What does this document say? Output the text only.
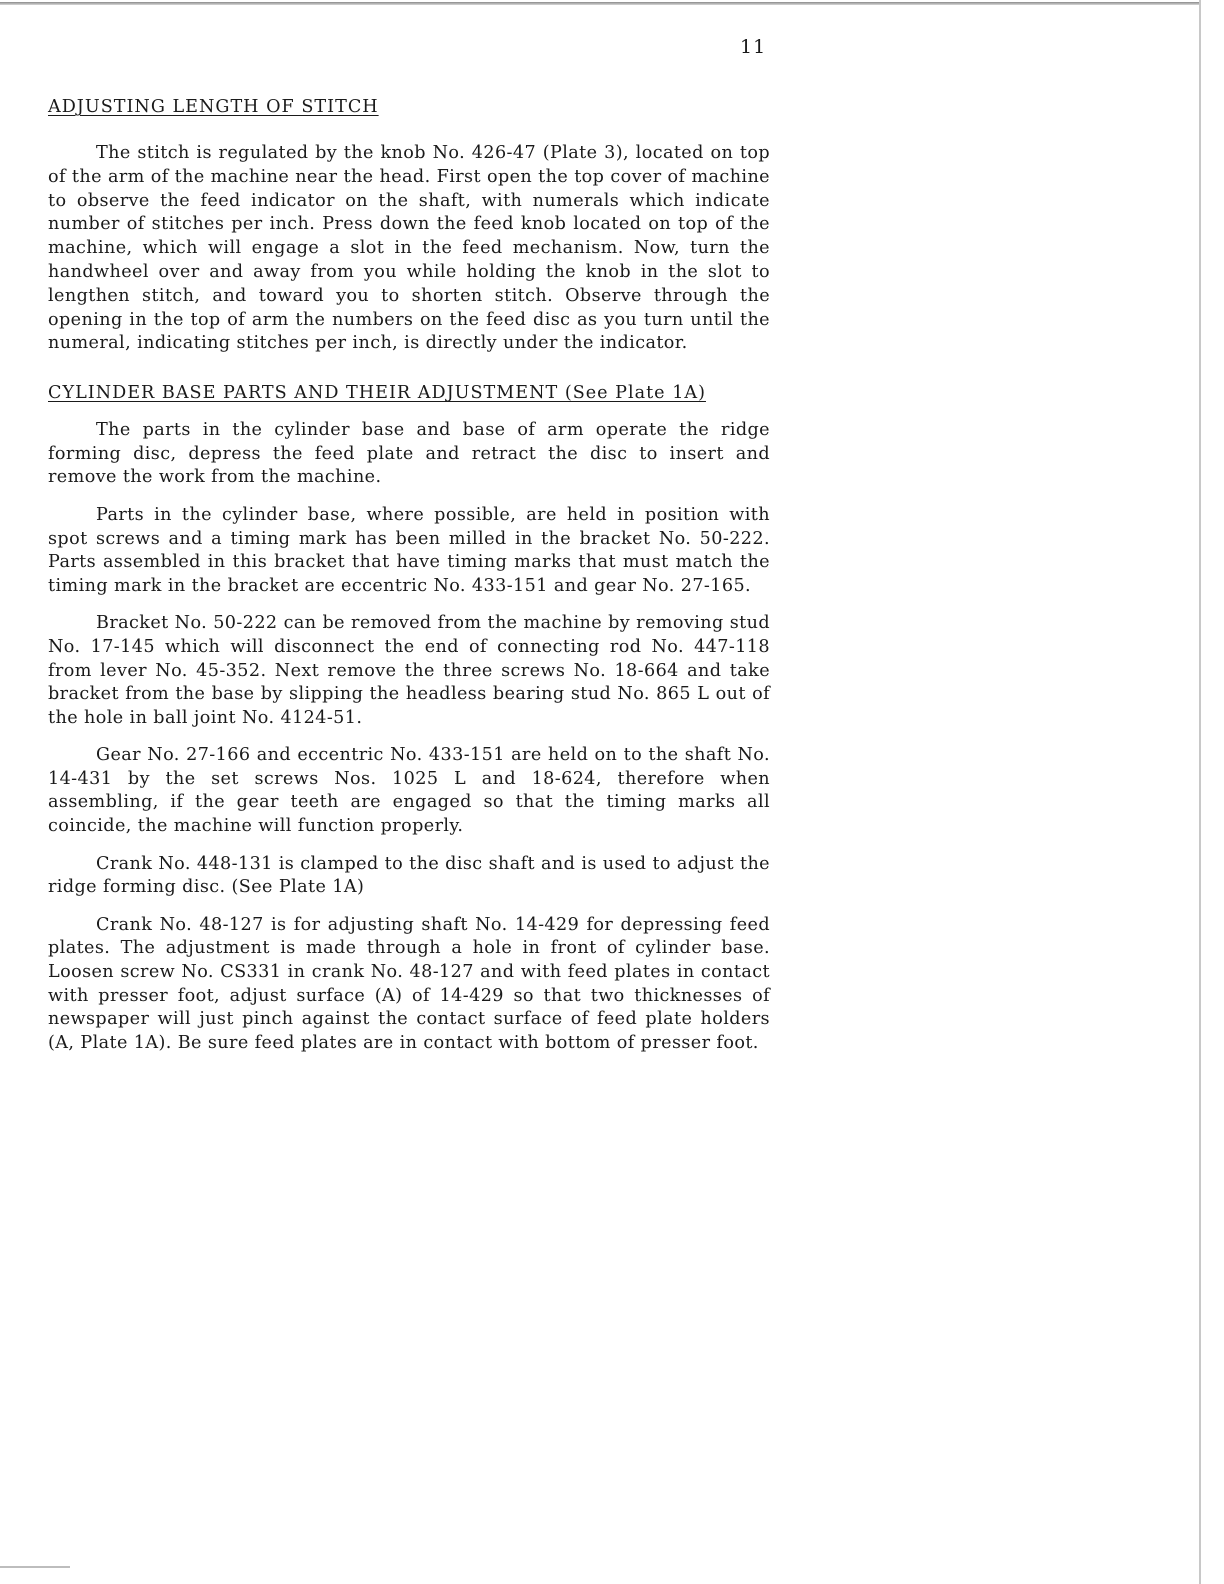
11
ADJUSTING LENGTH OF STITCH

The stitch is regulated by the knob No. 426-47 (Plate 3), located on top of the arm of the machine near the head. First open the top cover of machine to observe the feed indicator on the shaft, with numerals which indicate number of stitches per inch. Press down the feed knob located on top of the machine, which will engage a slot in the feed mechanism. Now, turn the handwheel over and away from you while holding the knob in the slot to lengthen stitch, and toward you to shorten stitch. Observe through the opening in the top of arm the numbers on the feed disc as you turn until the numeral, indicating stitches per inch, is directly under the indicator.

CYLINDER BASE PARTS AND THEIR ADJUSTMENT (See Plate 1A)

The parts in the cylinder base and base of arm operate the ridge forming disc, depress the feed plate and retract the disc to insert and remove the work from the machine.

Parts in the cylinder base, where possible, are held in position with spot screws and a timing mark has been milled in the bracket No. 50-222. Parts assembled in this bracket that have timing marks that must match the timing mark in the bracket are eccentric No. 433-151 and gear No. 27-165.

Bracket No. 50-222 can be removed from the machine by removing stud No. 17-145 which will disconnect the end of connecting rod No. 447-118 from lever No. 45-352. Next remove the three screws No. 18-664 and take bracket from the base by slipping the headless bearing stud No. 865 L out of the hole in ball joint No. 4124-51.

Gear No. 27-166 and eccentric No. 433-151 are held on to the shaft No. 14-431 by the set screws Nos. 1025 L and 18-624, therefore when assembling, if the gear teeth are engaged so that the timing marks all coincide, the machine will function properly.

Crank No. 448-131 is clamped to the disc shaft and is used to adjust the ridge forming disc. (See Plate 1A)

Crank No. 48-127 is for adjusting shaft No. 14-429 for depressing feed plates. The adjustment is made through a hole in front of cylinder base. Loosen screw No. CS331 in crank No. 48-127 and with feed plates in contact with presser foot, adjust surface (A) of 14-429 so that two thicknesses of newspaper will just pinch against the contact surface of feed plate holders (A, Plate 1A). Be sure feed plates are in contact with bottom of presser foot.
